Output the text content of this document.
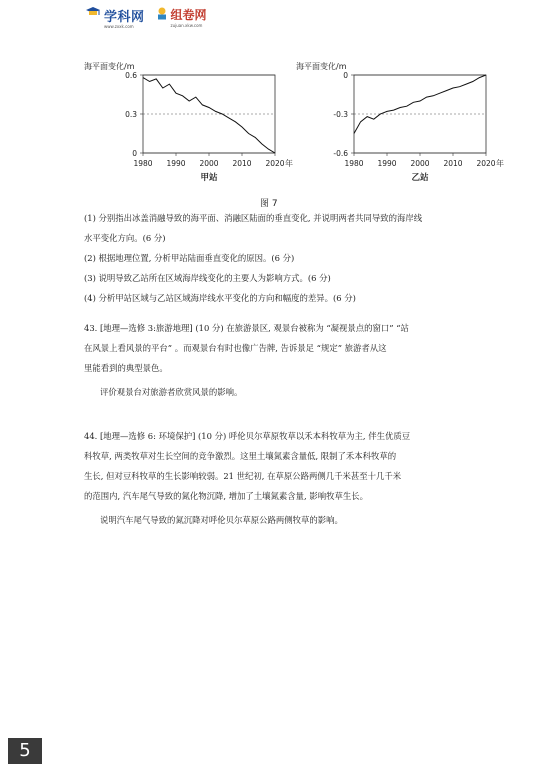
学科网
www.zxxk.com
组卷网
zujuan.xkw.com
海平面变化/m
0
0.3
0.6
1980 1990 2000 2010 2020 年
甲站
海平面变化/m
0
-0.3
-0.6
1980 1990 2000 2010 2020 年
乙站
图 7

(1) 分别指出冰盖消融导致的海平面、消融区陆面的垂直变化, 并说明两者共同导致的海岸线

水平变化方向。(6 分)

(2) 根据地理位置, 分析甲站陆面垂直变化的原因。(6 分)

(3) 说明导致乙站所在区域海岸线变化的主要人为影响方式。(6 分)

(4) 分析甲站区域与乙站区域海岸线水平变化的方向和幅度的差异。(6 分)

43. [地理—选修 3:旅游地理] (10 分) 在旅游景区, 观景台被称为 “凝视景点的窗口” “站

在风景上看风景的平台” 。而观景台有时也像广告牌, 告诉景足 “规定” 旅游者从这

里能看到的典型景色。

评价观景台对旅游者欣赏风景的影响。

44. [地理—选修 6: 环境保护] (10 分) 呼伦贝尔草原牧草以禾本科牧草为主, 伴生优质豆

科牧草, 两类牧草对生长空间的竞争激烈。这里土壤氮素含量低, 限制了禾本科牧草的

生长, 但对豆科牧草的生长影响较弱。21 世纪初, 在草原公路两侧几千米甚至十几千米

的范围内, 汽车尾气导致的氮化物沉降, 增加了土壤氮素含量, 影响牧草生长。

说明汽车尾气导致的氮沉降对呼伦贝尔草原公路两侧牧草的影响。

5
